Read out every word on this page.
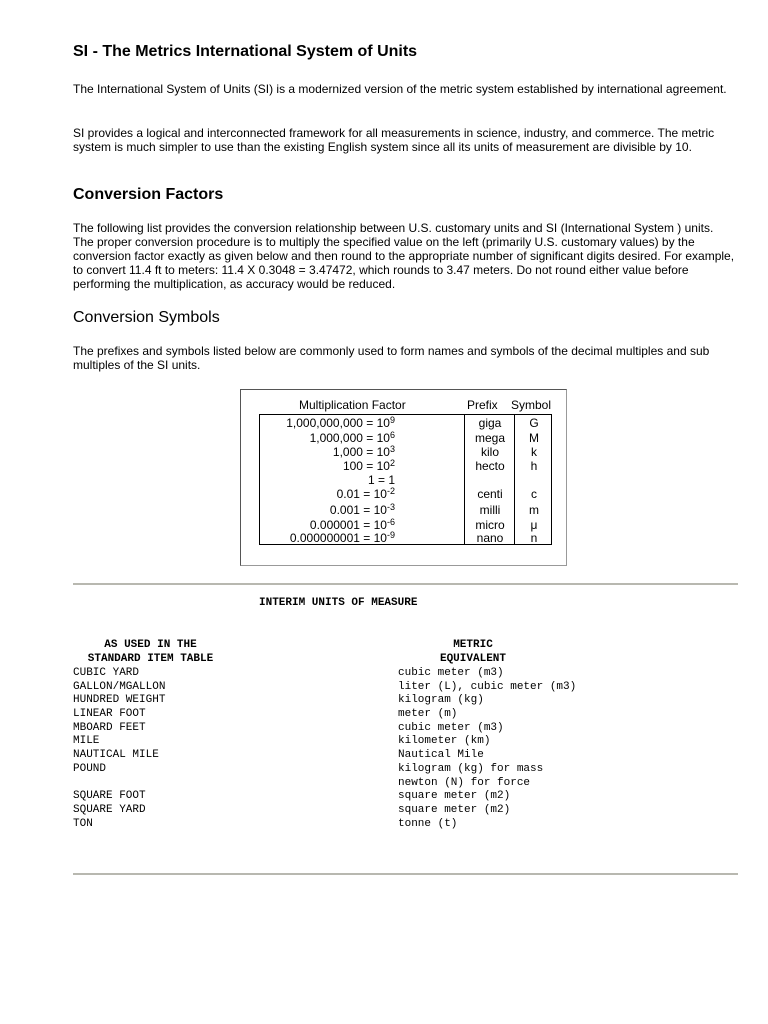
SI - The Metrics International System of Units

The International System of Units (SI) is a modernized version of the metric system established by international agreement.

SI provides a logical and interconnected framework for all measurements in science, industry, and commerce. The metric system is much simpler to use than the existing English system since all its units of measurement are divisible by 10.

Conversion Factors

The following list provides the conversion relationship between U.S. customary units and SI (International System ) units. The proper conversion procedure is to multiply the specified value on the left (primarily U.S. customary values) by the conversion factor exactly as given below and then round to the appropriate number of significant digits desired. For example, to convert 11.4 ft to meters: 11.4 X 0.3048 = 3.47472, which rounds to 3.47 meters. Do not round either value before performing the multiplication, as accuracy would be reduced.

Conversion Symbols

The prefixes and symbols listed below are commonly used to form names and symbols of the decimal multiples and sub multiples of the SI units.

Multiplication Factor	Prefix Symbol
$1,000,000,000 = 10^9$	giga	G
$1,000,000 = 10^6$	mega	M
$1,000 = 10^3$	kilo	k
$100 = 10^2$	hecto	h
1 = 1
$0.01 = 10^{-2}$	centi	c
$0.001 = 10^{-3}$	milli	m
$0.000001 = 10^{-6}$	micro	μ
$0.000000001 = 10^{-9}$	nano	n
INTERIM UNITS OF MEASURE
AS USED IN THE
STANDARD ITEM TABLE
METRIC
EQUIVALENT
CUBIC YARD	cubic meter (m3)
GALLON/MGALLON	liter (L), cubic meter (m3)
HUNDRED WEIGHT	kilogram (kg)
LINEAR FOOT	meter (m)
MBOARD FEET	cubic meter (m3)
MILE	kilometer (km)
NAUTICAL MILE	Nautical Mile
POUND	kilogram (kg) for mass
newton (N) for force
SQUARE FOOT	square meter (m2)
SQUARE YARD	square meter (m2)
TON	tonne (t)
